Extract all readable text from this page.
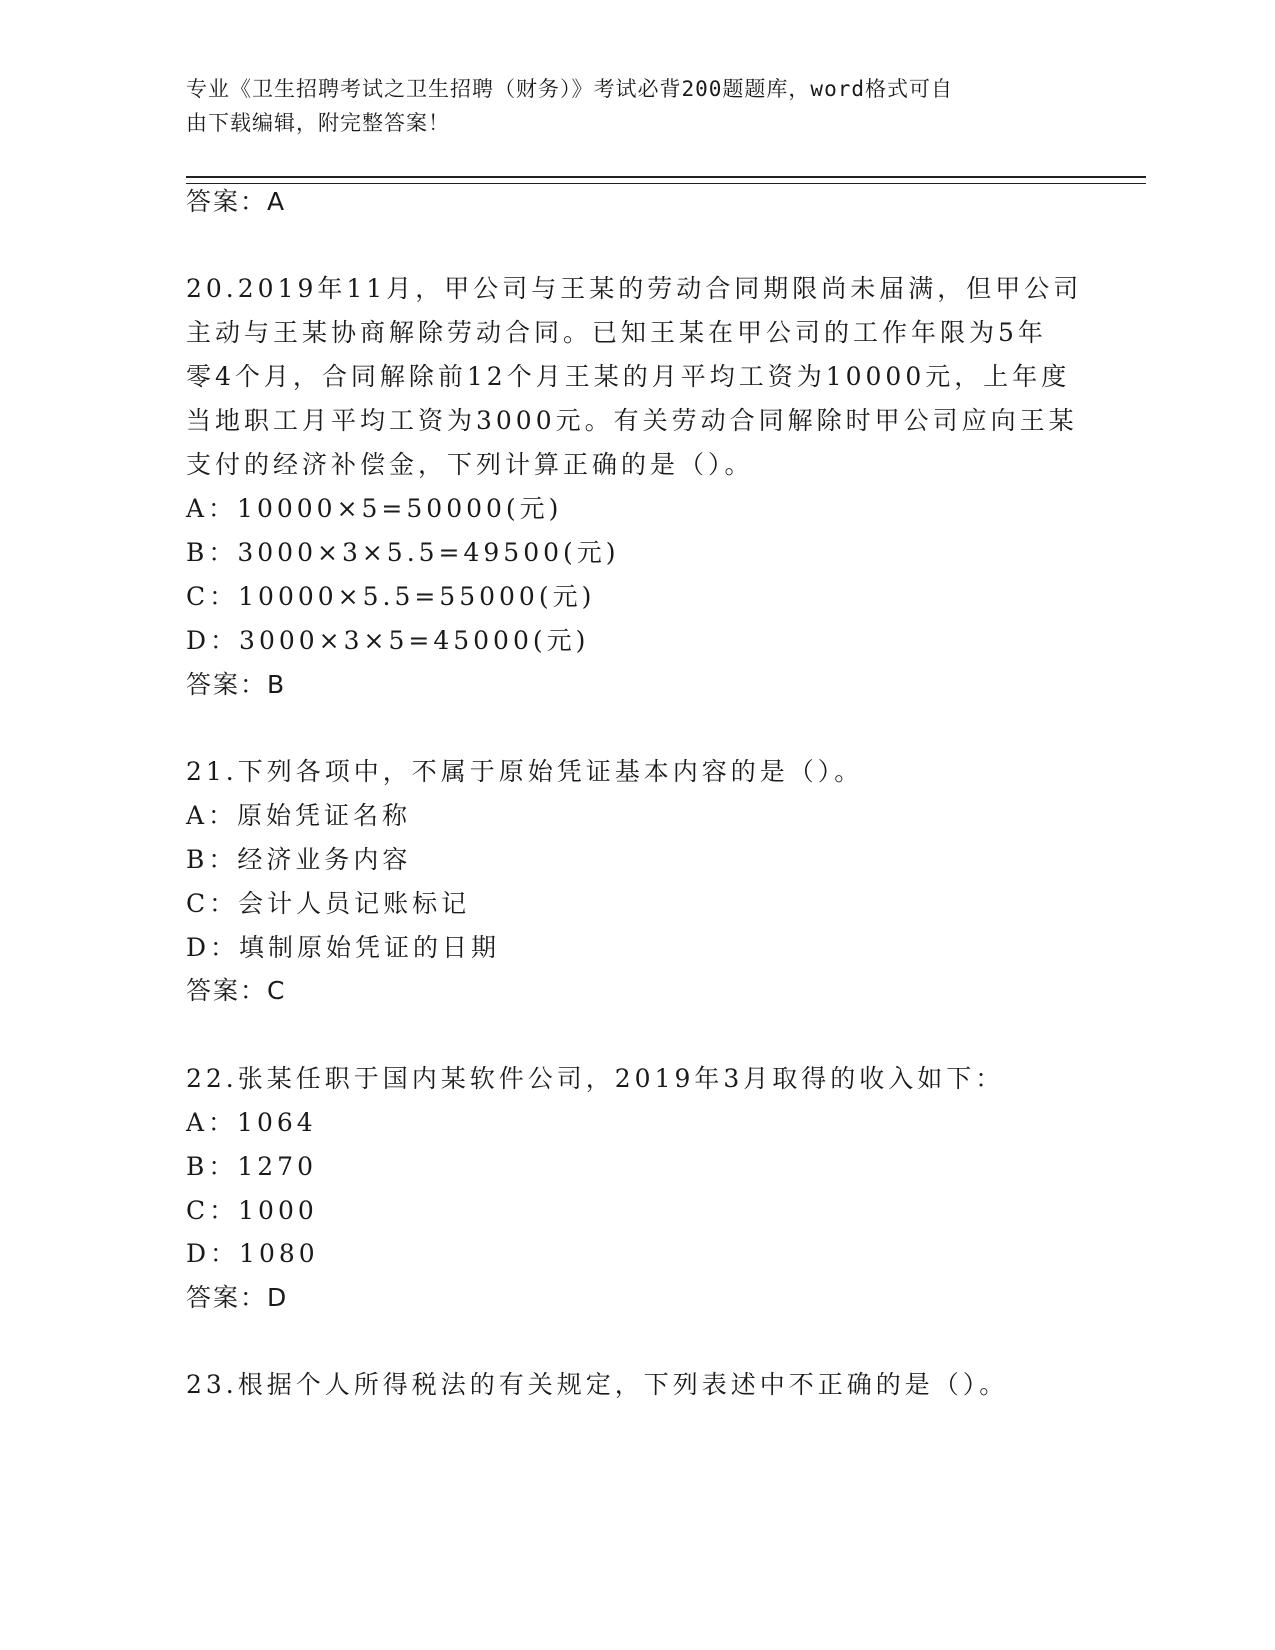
专业《卫生招聘考试之卫生招聘（财务）》考试必背200题题库，word格式可自
由下载编辑，附完整答案！
答案：A
20.2019年11月，甲公司与王某的劳动合同期限尚未届满，但甲公司
主动与王某协商解除劳动合同。已知王某在甲公司的工作年限为5年
零4个月，合同解除前12个月王某的月平均工资为10000元，上年度
当地职工月平均工资为3000元。有关劳动合同解除时甲公司应向王某
支付的经济补偿金，下列计算正确的是（）。
A：10000×5=50000(元)
B：3000×3×5.5=49500(元)
C：10000×5.5=55000(元)
D：3000×3×5=45000(元)
答案：B
21.下列各项中，不属于原始凭证基本内容的是（）。
A：原始凭证名称
B：经济业务内容
C：会计人员记账标记
D：填制原始凭证的日期
答案：C
22.张某任职于国内某软件公司，2019年3月取得的收入如下：
A：1064
B：1270
C：1000
D：1080
答案：D
23.根据个人所得税法的有关规定，下列表述中不正确的是（）。
